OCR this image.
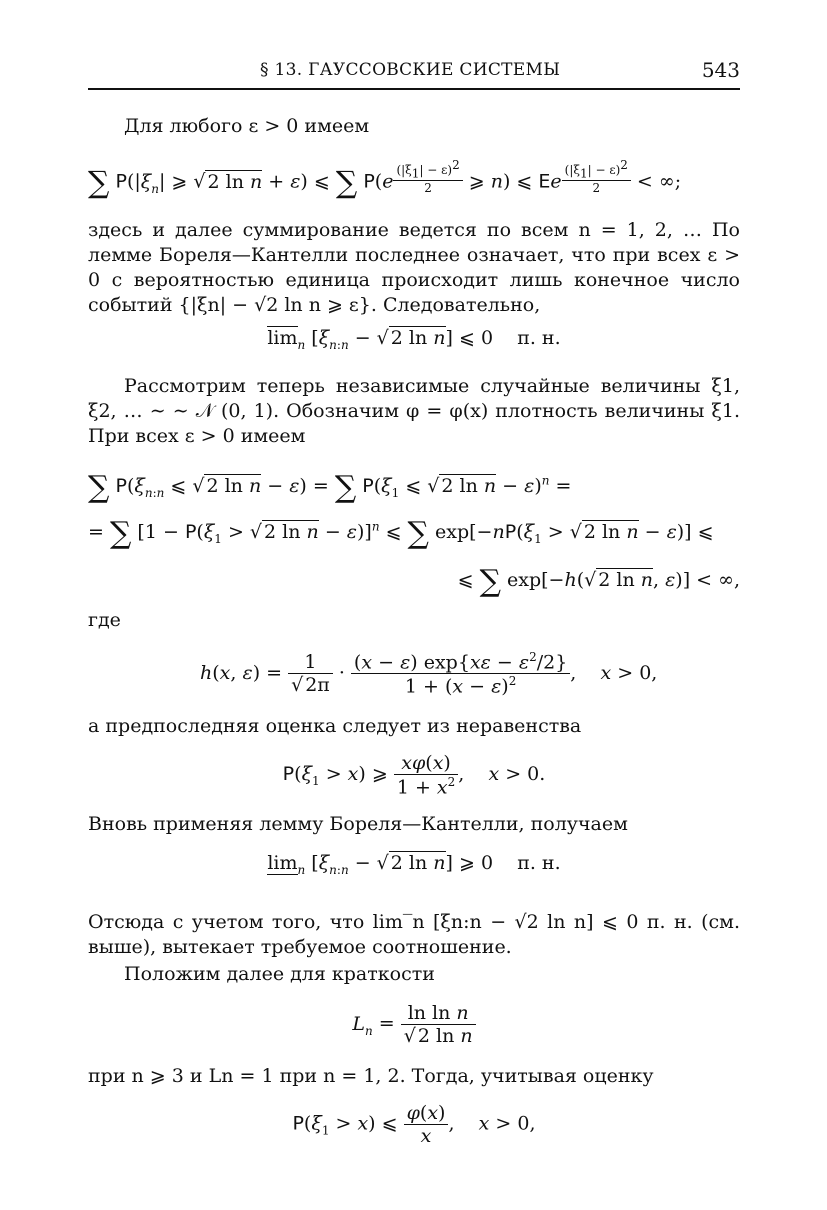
§ 13. ГАУССОВСКИЕ СИСТЕМЫ	543

Для любого ε > 0 имеем

∑ $P(|\xi_n|$ ⩾ √ 2 ln n + ε) ⩽ ∑ P(e $^{\frac{(|\xi_1| - \varepsilon)^2}{2}}$ ⩾ n) ⩽ Ee $^{\frac{(|\xi_1| - \varepsilon)^2}{2}}$ < ∞;

здесь и далее суммирование ведется по всем n = 1, 2, … По лемме Бореля—Кантелли последнее означает, что при всех ε > 0 с вероятностью единица происходит лишь конечное число событий {|ξn| − √2 ln n ⩾ ε}. Следовательно,

$\lim_n [\xi_{n:n}$ − √ 2 ln n] ⩽ 0    п. н.

Рассмотрим теперь независимые случайные величины ξ1, ξ2, … ∼ ∼ 𝒩 (0, 1). Обозначим φ = φ(x) плотность величины ξ1. При всех ε > 0 имеем

∑ $P(\xi_{n:n}$ ⩽ √ 2 ln n − ε) = ∑ $P(\xi_1$ ⩽ √ 2 ln n − ε)$^n$ =
= ∑ [$1 - P(\xi_1$ > √ 2 ln n − ε)]$^n$ ⩽ ∑ $\exp[-nP(\xi_1$ > √ 2 ln n − ε)] ⩽
⩽ ∑ exp[−h(√ 2 ln n, ε)] < ∞,

где

h(x, $\varepsilon) = \frac{1}{√ 2\pi} \cdot \frac{(x - \varepsilon) \exp\{x\varepsilon - \varepsilon^2/2\}}{1 + (x - \varepsilon)^2}$ ,    x > 0,

а предпоследняя оценка следует из неравенства

$P(\xi_1 > x)$ ⩾ $\frac{x\varphi(x)}{1 + x^2}$ ,    x > 0.

Вновь применяя лемму Бореля—Кантелли, получаем

$\lim_n [\xi_{n:n}$ − √ 2 ln n] ⩾ 0    п. н.

Отсюда с учетом того, что lim‾n [ξn:n − √2 ln n] ⩽ 0 п. н. (см. выше), вытекает требуемое соотношение.

Положим далее для краткости

$L_n = \frac{\text{ln ln n}}{\text{√ 2 ln n}}$

при n ⩾ 3 и Ln = 1 при n = 1, 2. Тогда, учитывая оценку

$P(\xi_1 > x)$ ⩽ $\frac{\varphi(x)}{x}$ ,    x > 0,
